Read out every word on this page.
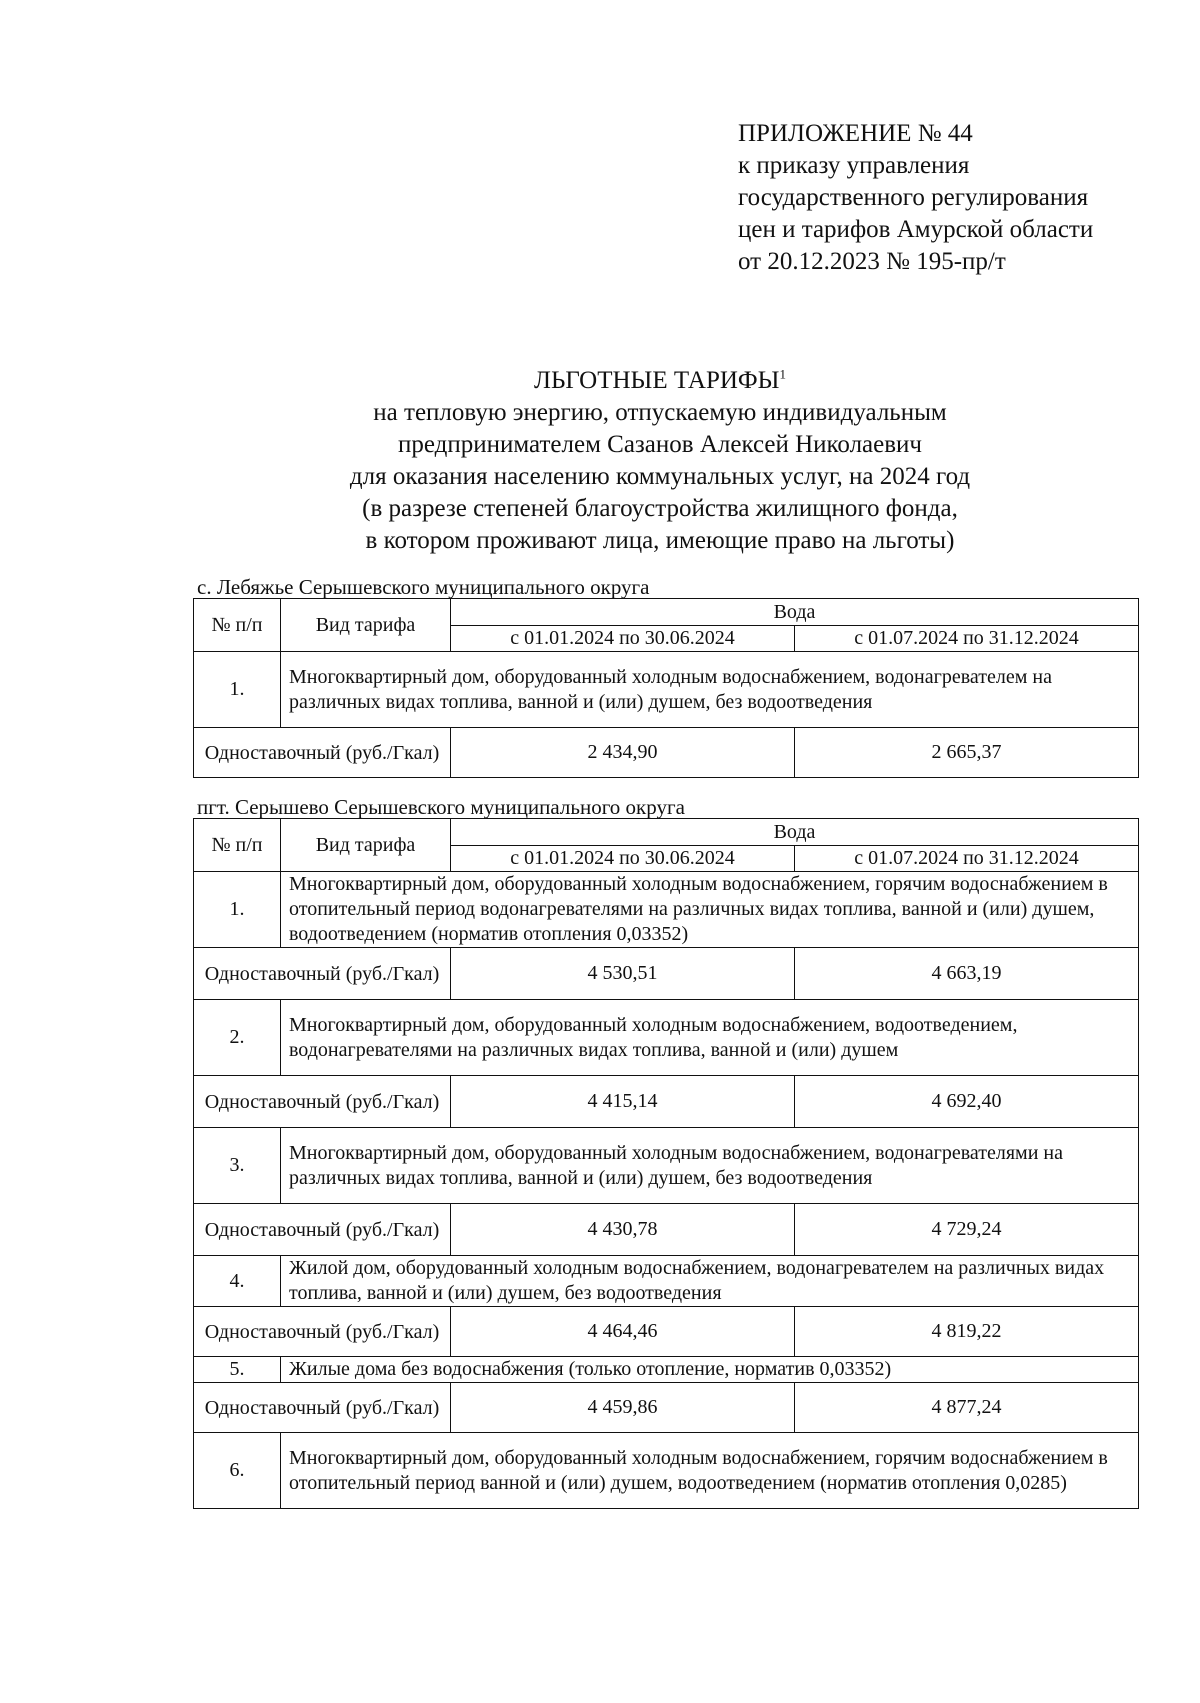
ПРИЛОЖЕНИЕ № 44
к приказу управления
государственного регулирования
цен и тарифов Амурской области
от 20.12.2023 № 195-пр/т
ЛЬГОТНЫЕ ТАРИФЫ$^1$
на тепловую энергию, отпускаемую индивидуальным
предпринимателем Сазанов Алексей Николаевич
для оказания населению коммунальных услуг, на 2024 год
(в разрезе степеней благоустройства жилищного фонда,
в котором проживают лица, имеющие право на льготы)
с. Лебяжье Серышевского муниципального округа
№ п/п	Вид тарифа	Вода	
		с 01.01.2024 по 30.06.2024	с 01.07.2024 по 31.12.2024
1.	Многоквартирный дом, оборудованный холодным водоснабжением, водонагревателем на различных видах топлива, ванной и (или) душем, без водоотведения		
Одноставочный (руб./Гкал)		2 434,90	2 665,37
пгт. Серышево Серышевского муниципального округа
№ п/п	Вид тарифа	Вода	
		с 01.01.2024 по 30.06.2024	с 01.07.2024 по 31.12.2024
1.	Многоквартирный дом, оборудованный холодным водоснабжением, горячим водоснабжением в отопительный период водонагревателями на различных видах топлива, ванной и (или) душем, водоотведением (норматив отопления 0,03352)		
Одноставочный (руб./Гкал)		4 530,51	4 663,19
2.	Многоквартирный дом, оборудованный холодным водоснабжением, водоотведением, водонагревателями на различных видах топлива, ванной и (или) душем		
Одноставочный (руб./Гкал)		4 415,14	4 692,40
3.	Многоквартирный дом, оборудованный холодным водоснабжением, водонагревателями на различных видах топлива, ванной и (или) душем, без водоотведения		
Одноставочный (руб./Гкал)		4 430,78	4 729,24
4.	Жилой дом, оборудованный холодным водоснабжением, водонагревателем на различных видах топлива, ванной и (или) душем, без водоотведения		
Одноставочный (руб./Гкал)		4 464,46	4 819,22
5.	Жилые дома без водоснабжения (только отопление, норматив 0,03352)		
Одноставочный (руб./Гкал)		4 459,86	4 877,24
6.	Многоквартирный дом, оборудованный холодным водоснабжением, горячим водоснабжением в отопительный период ванной и (или) душем, водоотведением (норматив отопления 0,0285)		
